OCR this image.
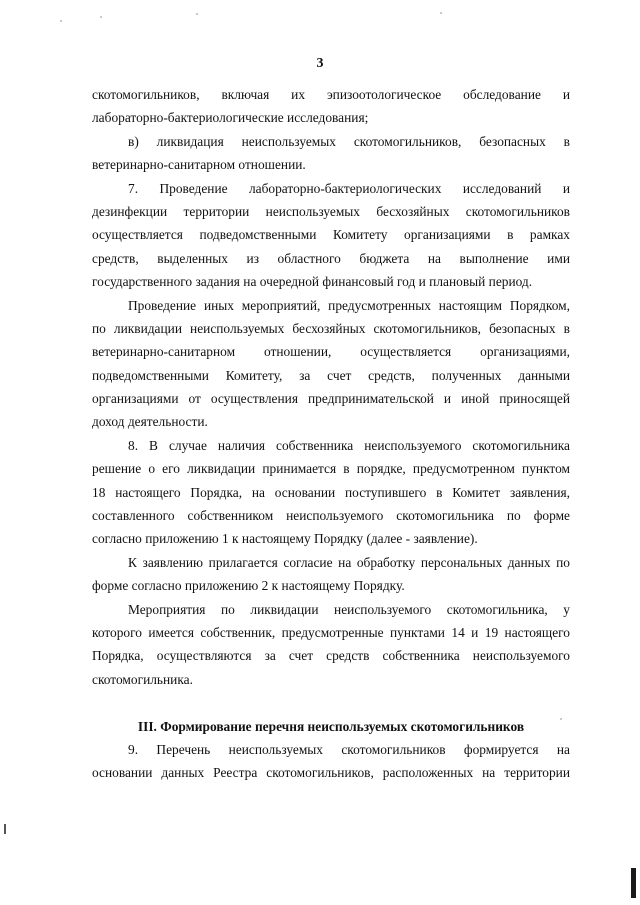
3
скотомогильников, включая их эпизоотологическое обследование и
лабораторно-бактериологические исследования;
в) ликвидация неиспользуемых скотомогильников, безопасных в
ветеринарно-санитарном отношении.
7. Проведение лабораторно-бактериологических исследований и
дезинфекции территории неиспользуемых бесхозяйных скотомогильников
осуществляется подведомственными Комитету организациями в рамках
средств, выделенных из областного бюджета на выполнение ими
государственного задания на очередной финансовый год и плановый период.
Проведение иных мероприятий, предусмотренных настоящим Порядком,
по ликвидации неиспользуемых бесхозяйных скотомогильников, безопасных в
ветеринарно-санитарном отношении, осуществляется организациями,
подведомственными Комитету, за счет средств, полученных данными
организациями от осуществления предпринимательской и иной приносящей
доход деятельности.
8. В случае наличия собственника неиспользуемого скотомогильника
решение о его ликвидации принимается в порядке, предусмотренном пунктом
18 настоящего Порядка, на основании поступившего в Комитет заявления,
составленного собственником неиспользуемого скотомогильника по форме
согласно приложению 1 к настоящему Порядку (далее - заявление).
К заявлению прилагается согласие на обработку персональных данных по
форме согласно приложению 2 к настоящему Порядку.
Мероприятия по ликвидации неиспользуемого скотомогильника, у
которого имеется собственник, предусмотренные пунктами 14 и 19 настоящего
Порядка, осуществляются за счет средств собственника неиспользуемого
скотомогильника.
III. Формирование перечня неиспользуемых скотомогильников
9. Перечень неиспользуемых скотомогильников формируется на
основании данных Реестра скотомогильников, расположенных на территории
